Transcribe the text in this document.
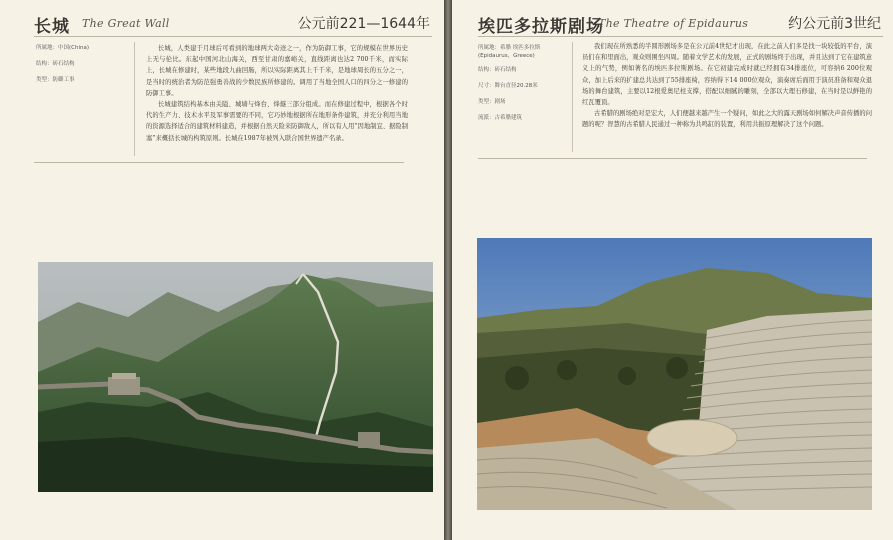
长城 The Great Wall	公元前221—1644年
所属地：中国(China)
结构：砖石结构
类型：防御工事

长城，人类建于月球后可看到的地球两大奇迹之一，作为防御工事，它的规模在世界历史上无与伦比。东起中国河北山海关，西至甘肃的嘉峪关，直线距离也达2 700千米，而实际上，长城在修建时，某些地段九曲回肠，所以实际距离其上千千米，是地球周长的五分之一，是当时的统治者为防范强勇善战的少数民族所修建的。调用了当地全国人口的四分之一修建的防御工事。

长城建筑结构基本由关隘、城墙与烽台、烽燧三部分组成。而在修建过程中，根据各个时代的生产力、技术水平及军事需要的不同，它巧妙地根据所在地形条件建筑，并充分利用当地的资源选择适合的建筑材料建造，并根据自然天险来防御敌人，所以有人用“因地制宜、据险制塞”来概括长城的构筑原则。长城在1987年被列入联合国世界遗产名录。

埃匹多拉斯剧场
The Theatre of Epidaurus	约公元前3世纪
所属地：希腊 埃匹多拉斯(Epidaurus，Greece)
结构：砖石结构
尺寸：舞台直径20.28米
类型：剧场
流派：古希腊建筑

我们现在所熟悉的半圆形剧场多是在公元前4世纪才出现，在此之前人们多是找一块较低的平台，演员们在和里面出，观众则围坐四周。随着文学艺术的发展，正式的剧场终于出现，并且达到了它在建筑意义上的气势，例如著名的埃匹多拉斯剧场。在它初建完成时就已经拥有34排座位，可容纳6 200位观众，加上后来的扩建总共达到了55排座椅，容纳得下14 000位观众，演奏席后面用于演员准备和观众退场的舞台建筑，主要以12根爱奥尼柱支撑，搭配以细腻的雕刻，全部以大理石修建，在当时是以鲜艳的红瓦覆顶。

古希腊的剧场绝对是宏大，人们便越来越产生一个疑问，如此之大的露天剧场如何解决声音传播的问题的呢？智慧的古希腊人民通过一种称为共鸣缸的装置，利用共振原理解决了这个问题。
